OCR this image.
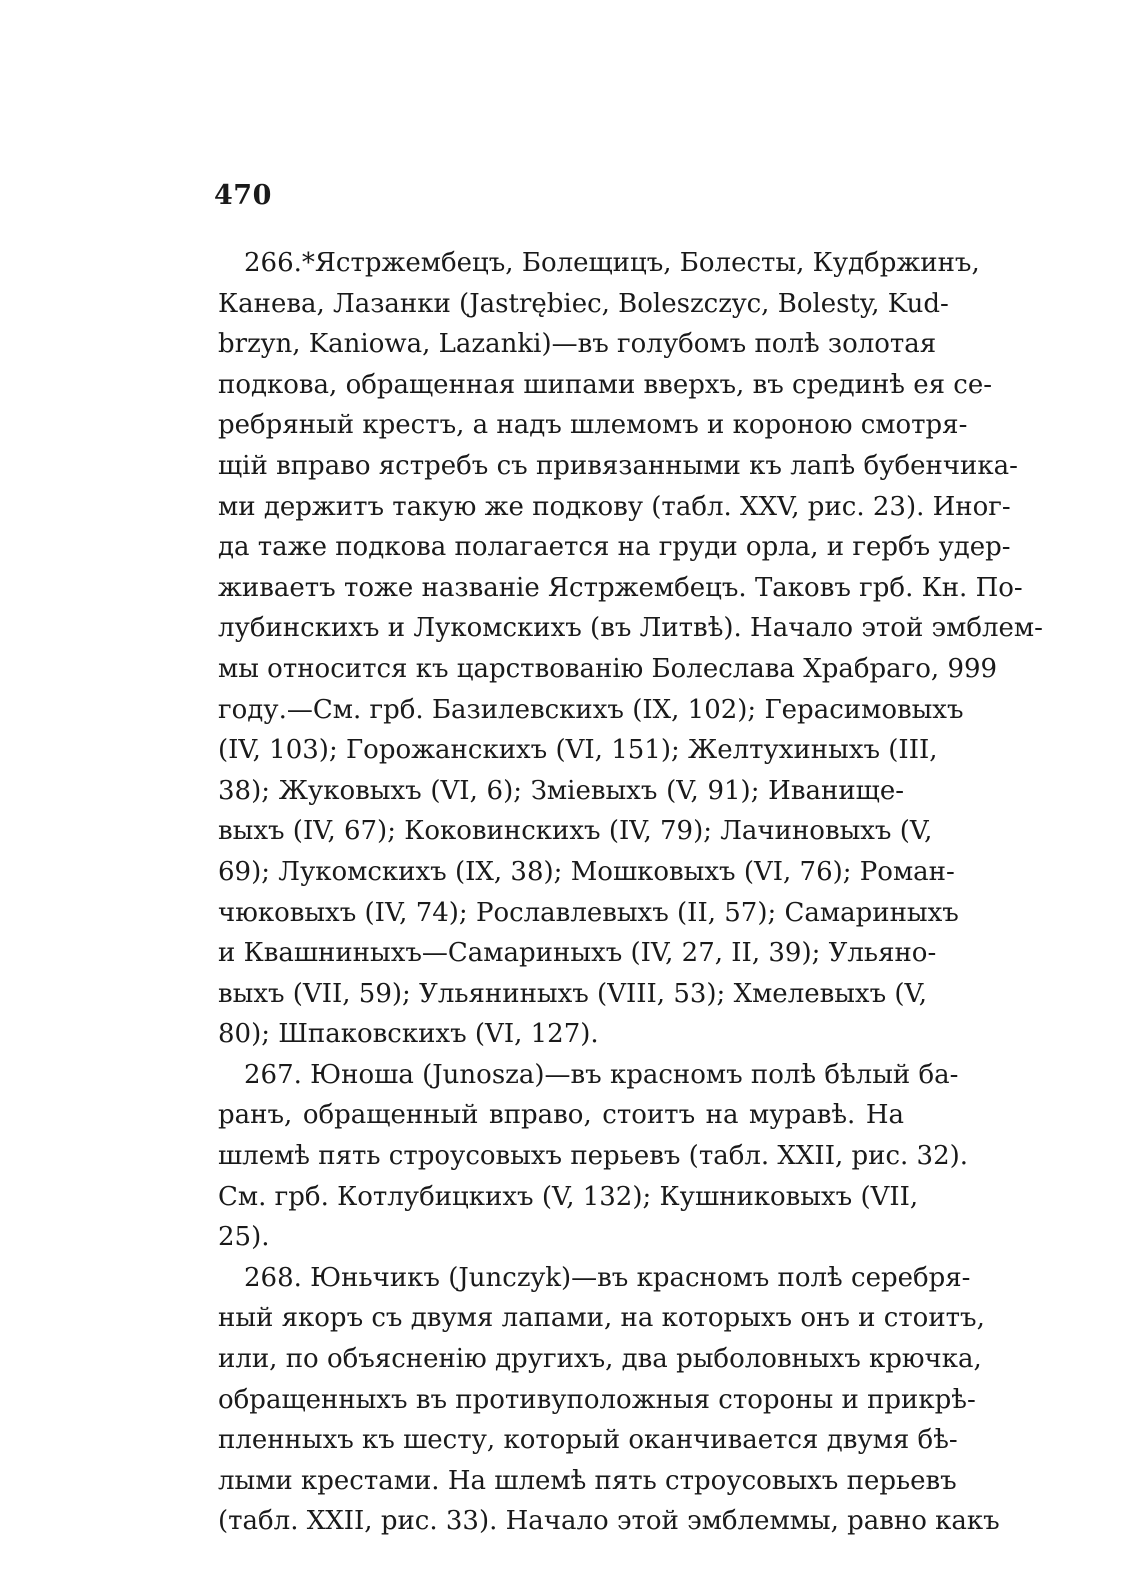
470
266.*Ястржембецъ, Болещицъ, Болесты, Кудбржинъ,
Канева, Лазанки (Jastrębiec, Boleszczyc, Bolesty, Kud-
brzyn, Kaniowa, Lazanki)—въ голубомъ полѣ золотая
подкова, обращенная шипами вверхъ, въ срединѣ ея се-
ребряный крестъ, а надъ шлемомъ и короною смотря-
щій вправо ястребъ съ привязанными къ лапѣ бубенчика-
ми держитъ такую же подкову (табл. XXV, рис. 23). Иног-
да таже подкова полагается на груди орла, и гербъ удер-
живаетъ тоже названіе Ястржембецъ. Таковъ грб. Кн. По-
лубинскихъ и Лукомскихъ (въ Литвѣ). Начало этой эмблем-
мы относится къ царствованію Болеслава Храбраго, 999
году.—См. грб. Базилевскихъ (IX, 102); Герасимовыхъ
(IV, 103); Горожанскихъ (VI, 151); Желтухиныхъ (III,
38); Жуковыхъ (VI, 6); Зміевыхъ (V, 91); Иванище-
выхъ (IV, 67); Коковинскихъ (IV, 79); Лачиновыхъ (V,
69); Лукомскихъ (IX, 38); Мошковыхъ (VI, 76); Роман-
чюковыхъ (IV, 74); Рославлевыхъ (II, 57); Самариныхъ
и Квашниныхъ—Самариныхъ (IV, 27, II, 39); Ульяно-
выхъ (VII, 59); Ульяниныхъ (VIII, 53); Хмелевыхъ (V,
80); Шпаковскихъ (VI, 127).
267. Юноша (Junosza)—въ красномъ полѣ бѣлый ба-
ранъ, обращенный вправо, стоитъ на муравѣ. На
шлемѣ пять строусовыхъ перьевъ (табл. XXII, рис. 32).
См. грб. Котлубицкихъ (V, 132); Кушниковыхъ (VII,
25).
268. Юньчикъ (Junczyk)—въ красномъ полѣ серебря-
ный якоръ съ двумя лапами, на которыхъ онъ и стоитъ,
или, по объясненію другихъ, два рыболовныхъ крючка,
обращенныхъ въ противуположныя стороны и прикрѣ-
пленныхъ къ шесту, который оканчивается двумя бѣ-
лыми крестами. На шлемѣ пять строусовыхъ перьевъ
(табл. XXII, рис. 33). Начало этой эмблеммы, равно какъ
